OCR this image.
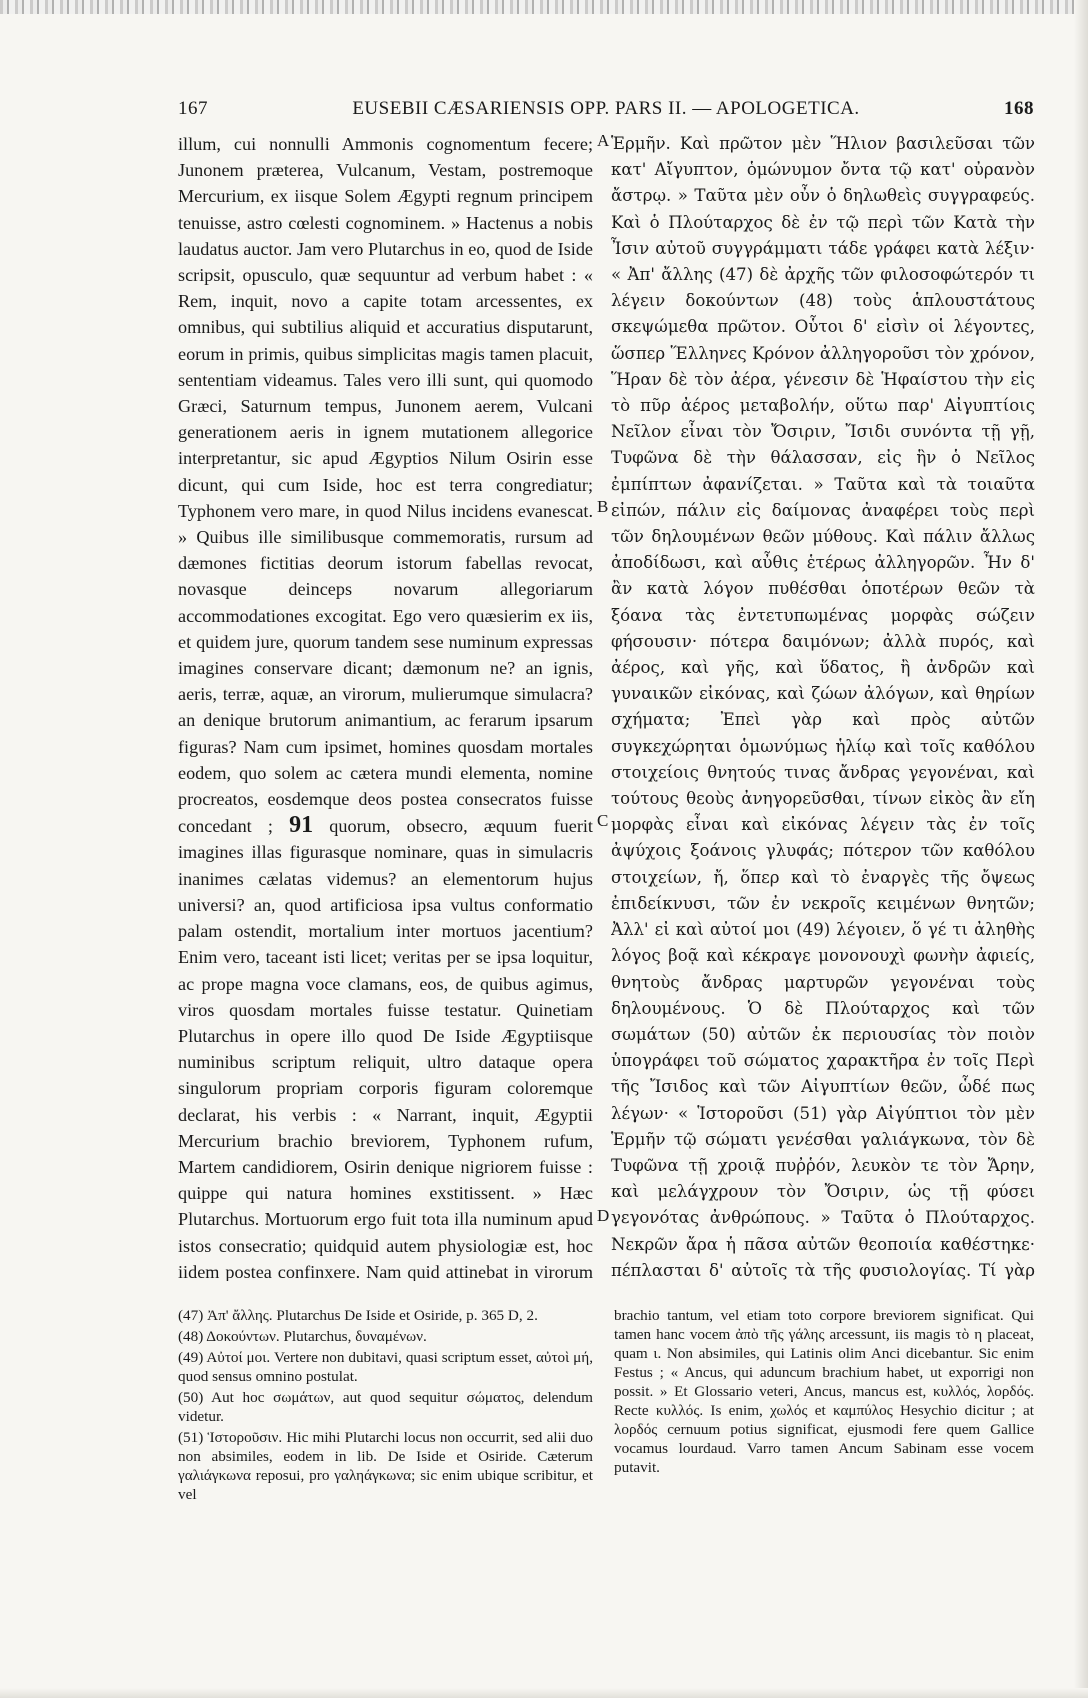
167	EUSEBII CÆSARIENSIS OPP. PARS II. — APOLOGETICA.	168

illum, cui nonnulli Ammonis cognomentum fecere; Junonem præterea, Vulcanum, Vestam, postremoque Mercurium, ex iisque Solem Ægypti regnum principem tenuisse, astro cœlesti cognominem. » Hactenus a nobis laudatus auctor. Jam vero Plutarchus in eo, quod de Iside scripsit, opusculo, quæ sequuntur ad verbum habet : « Rem, inquit, novo a capite totam arcessentes, ex omnibus, qui subtilius aliquid et accuratius disputarunt, eorum in primis, quibus simplicitas magis tamen placuit, sententiam videamus. Tales vero illi sunt, qui quomodo Græci, Saturnum tempus, Junonem aerem, Vulcani generationem aeris in ignem mutationem allegorice interpretantur, sic apud Ægyptios Nilum Osirin esse dicunt, qui cum Iside, hoc est terra congrediatur; Typhonem vero mare, in quod Nilus incidens evanescat. » Quibus ille similibusque commemoratis, rursum ad dæmones fictitias deorum istorum fabellas revocat, novasque deinceps novarum allegoriarum accommodationes excogitat. Ego vero quæsierim ex iis, et quidem jure, quorum tandem sese numinum expressas imagines conservare dicant; dæmonum ne? an ignis, aeris, terræ, aquæ, an virorum, mulierumque simulacra? an denique brutorum animantium, ac ferarum ipsarum figuras? Nam cum ipsimet, homines quosdam mortales eodem, quo solem ac cætera mundi elementa, nomine procreatos, eosdemque deos postea consecratos fuisse concedant ; 91 quorum, obsecro, æquum fuerit imagines illas figurasque nominare, quas in simulacris inanimes cælatas videmus? an elementorum hujus universi? an, quod artificiosa ipsa vultus conformatio palam ostendit, mortalium inter mortuos jacentium? Enim vero, taceant isti licet; veritas per se ipsa loquitur, ac prope magna voce clamans, eos, de quibus agimus, viros quosdam mortales fuisse testatur. Quinetiam Plutarchus in opere illo quod De Iside Ægyptiisque numinibus scriptum reliquit, ultro dataque opera singulorum propriam corporis figuram coloremque declarat, his verbis : « Narrant, inquit, Ægyptii Mercurium brachio breviorem, Typhonem rufum, Martem candidiorem, Osirin denique nigriorem fuisse : quippe qui natura homines exstitissent. » Hæc Plutarchus. Mortuorum ergo fuit tota illa numinum apud istos consecratio; quidquid autem physiologiæ est, hoc iidem postea confinxere. Nam quid attinebat in virorum

A
B
C
D

Ἑρμῆν. Καὶ πρῶτον μὲν Ἥλιον βασιλεῦσαι τῶν κατ' Αἴγυπτον, ὁμώνυμον ὄντα τῷ κατ' οὐρανὸν ἄστρῳ. » Ταῦτα μὲν οὖν ὁ δηλωθεὶς συγγραφεύς. Καὶ ὁ Πλούταρχος δὲ ἐν τῷ περὶ τῶν Κατὰ τὴν Ἶσιν αὐτοῦ συγγράμματι τάδε γράφει κατὰ λέξιν· « Ἀπ' ἄλλης (47) δὲ ἀρχῆς τῶν φιλοσοφώτερόν τι λέγειν δοκούντων (48) τοὺς ἁπλουστάτους σκεψώμεθα πρῶτον. Οὗτοι δ' εἰσὶν οἱ λέγοντες, ὥσπερ Ἕλληνες Κρόνον ἀλληγοροῦσι τὸν χρόνον, Ἥραν δὲ τὸν ἀέρα, γένεσιν δὲ Ἡφαίστου τὴν εἰς τὸ πῦρ ἀέρος μεταβολήν, οὕτω παρ' Αἰγυπτίοις Νεῖλον εἶναι τὸν Ὄσιριν, Ἴσιδι συνόντα τῇ γῇ, Τυφῶνα δὲ τὴν θάλασσαν, εἰς ἣν ὁ Νεῖλος ἐμπίπτων ἀφανίζεται. » Ταῦτα καὶ τὰ τοιαῦτα εἰπών, πάλιν εἰς δαίμονας ἀναφέρει τοὺς περὶ τῶν δηλουμένων θεῶν μύθους. Καὶ πάλιν ἄλλως ἀποδίδωσι, καὶ αὖθις ἑτέρως ἀλληγορῶν. Ἦν δ' ἂν κατὰ λόγον πυθέσθαι ὁποτέρων θεῶν τὰ ξόανα τὰς ἐντετυπωμένας μορφὰς σώζειν φήσουσιν· πότερα δαιμόνων; ἀλλὰ πυρός, καὶ ἀέρος, καὶ γῆς, καὶ ὕδατος, ἢ ἀνδρῶν καὶ γυναικῶν εἰκόνας, καὶ ζώων ἀλόγων, καὶ θηρίων σχήματα; Ἐπεὶ γὰρ καὶ πρὸς αὐτῶν συγκεχώρηται ὁμωνύμως ἡλίῳ καὶ τοῖς καθόλου στοιχείοις θνητούς τινας ἄνδρας γεγονέναι, καὶ τούτους θεοὺς ἀνηγορεῦσθαι, τίνων εἰκὸς ἂν εἴη μορφὰς εἶναι καὶ εἰκόνας λέγειν τὰς ἐν τοῖς ἀψύχοις ξοάνοις γλυφάς; πότερον τῶν καθόλου στοιχείων, ἤ, ὅπερ καὶ τὸ ἐναργὲς τῆς ὄψεως ἐπιδείκνυσι, τῶν ἐν νεκροῖς κειμένων θνητῶν; Ἀλλ' εἰ καὶ αὐτοί μοι (49) λέγοιεν, ὅ γέ τι ἀληθὴς λόγος βοᾷ καὶ κέκραγε μονονουχὶ φωνὴν ἀφιείς, θνητοὺς ἄνδρας μαρτυρῶν γεγονέναι τοὺς δηλουμένους. Ὁ δὲ Πλούταρχος καὶ τῶν σωμάτων (50) αὐτῶν ἐκ περιουσίας τὸν ποιὸν ὑπογράφει τοῦ σώματος χαρακτῆρα ἐν τοῖς Περὶ τῆς Ἴσιδος καὶ τῶν Αἰγυπτίων θεῶν, ὧδέ πως λέγων· « Ἱστοροῦσι (51) γὰρ Αἰγύπτιοι τὸν μὲν Ἑρμῆν τῷ σώματι γενέσθαι γαλιάγκωνα, τὸν δὲ Τυφῶνα τῇ χροιᾷ πυῤῥόν, λευκὸν τε τὸν Ἄρην, καὶ μελάγχρουν τὸν Ὄσιριν, ὡς τῇ φύσει γεγονότας ἀνθρώπους. » Ταῦτα ὁ Πλούταρχος. Νεκρῶν ἄρα ἡ πᾶσα αὐτῶν θεοποιία καθέστηκε· πέπλασται δ' αὐτοῖς τὰ τῆς φυσιολογίας. Τί γὰρ

(47) Ἀπ' ἄλλης. Plutarchus De Iside et Osiride, p. 365 D, 2.

(48) Δοκούντων. Plutarchus, δυναμένων.

(49) Αὐτοί μοι. Vertere non dubitavi, quasi scriptum esset, αὐτοὶ μή, quod sensus omnino postulat.

(50) Aut hoc σωμάτων, aut quod sequitur σώματος, delendum videtur.

(51) Ἱστοροῦσιν. Hic mihi Plutarchi locus non occurrit, sed alii duo non absimiles, eodem in lib. De Iside et Osiride. Cæterum γαλιάγκωνα reposui, pro γαληάγκωνα; sic enim ubique scribitur, et vel

brachio tantum, vel etiam toto corpore breviorem significat. Qui tamen hanc vocem ἀπὸ τῆς γάλης arcessunt, iis magis τὸ η placeat, quam ι. Non absimiles, qui Latinis olim Anci dicebantur. Sic enim Festus ; « Ancus, qui aduncum brachium habet, ut exporrigi non possit. » Et Glossario veteri, Ancus, mancus est, κυλλός, λορδός. Recte κυλλός. Is enim, χωλός et καμπύλος Hesychio dicitur ; at λορδός cernuum potius significat, ejusmodi fere quem Gallice vocamus lourdaud. Varro tamen Ancum Sabinam esse vocem putavit.
